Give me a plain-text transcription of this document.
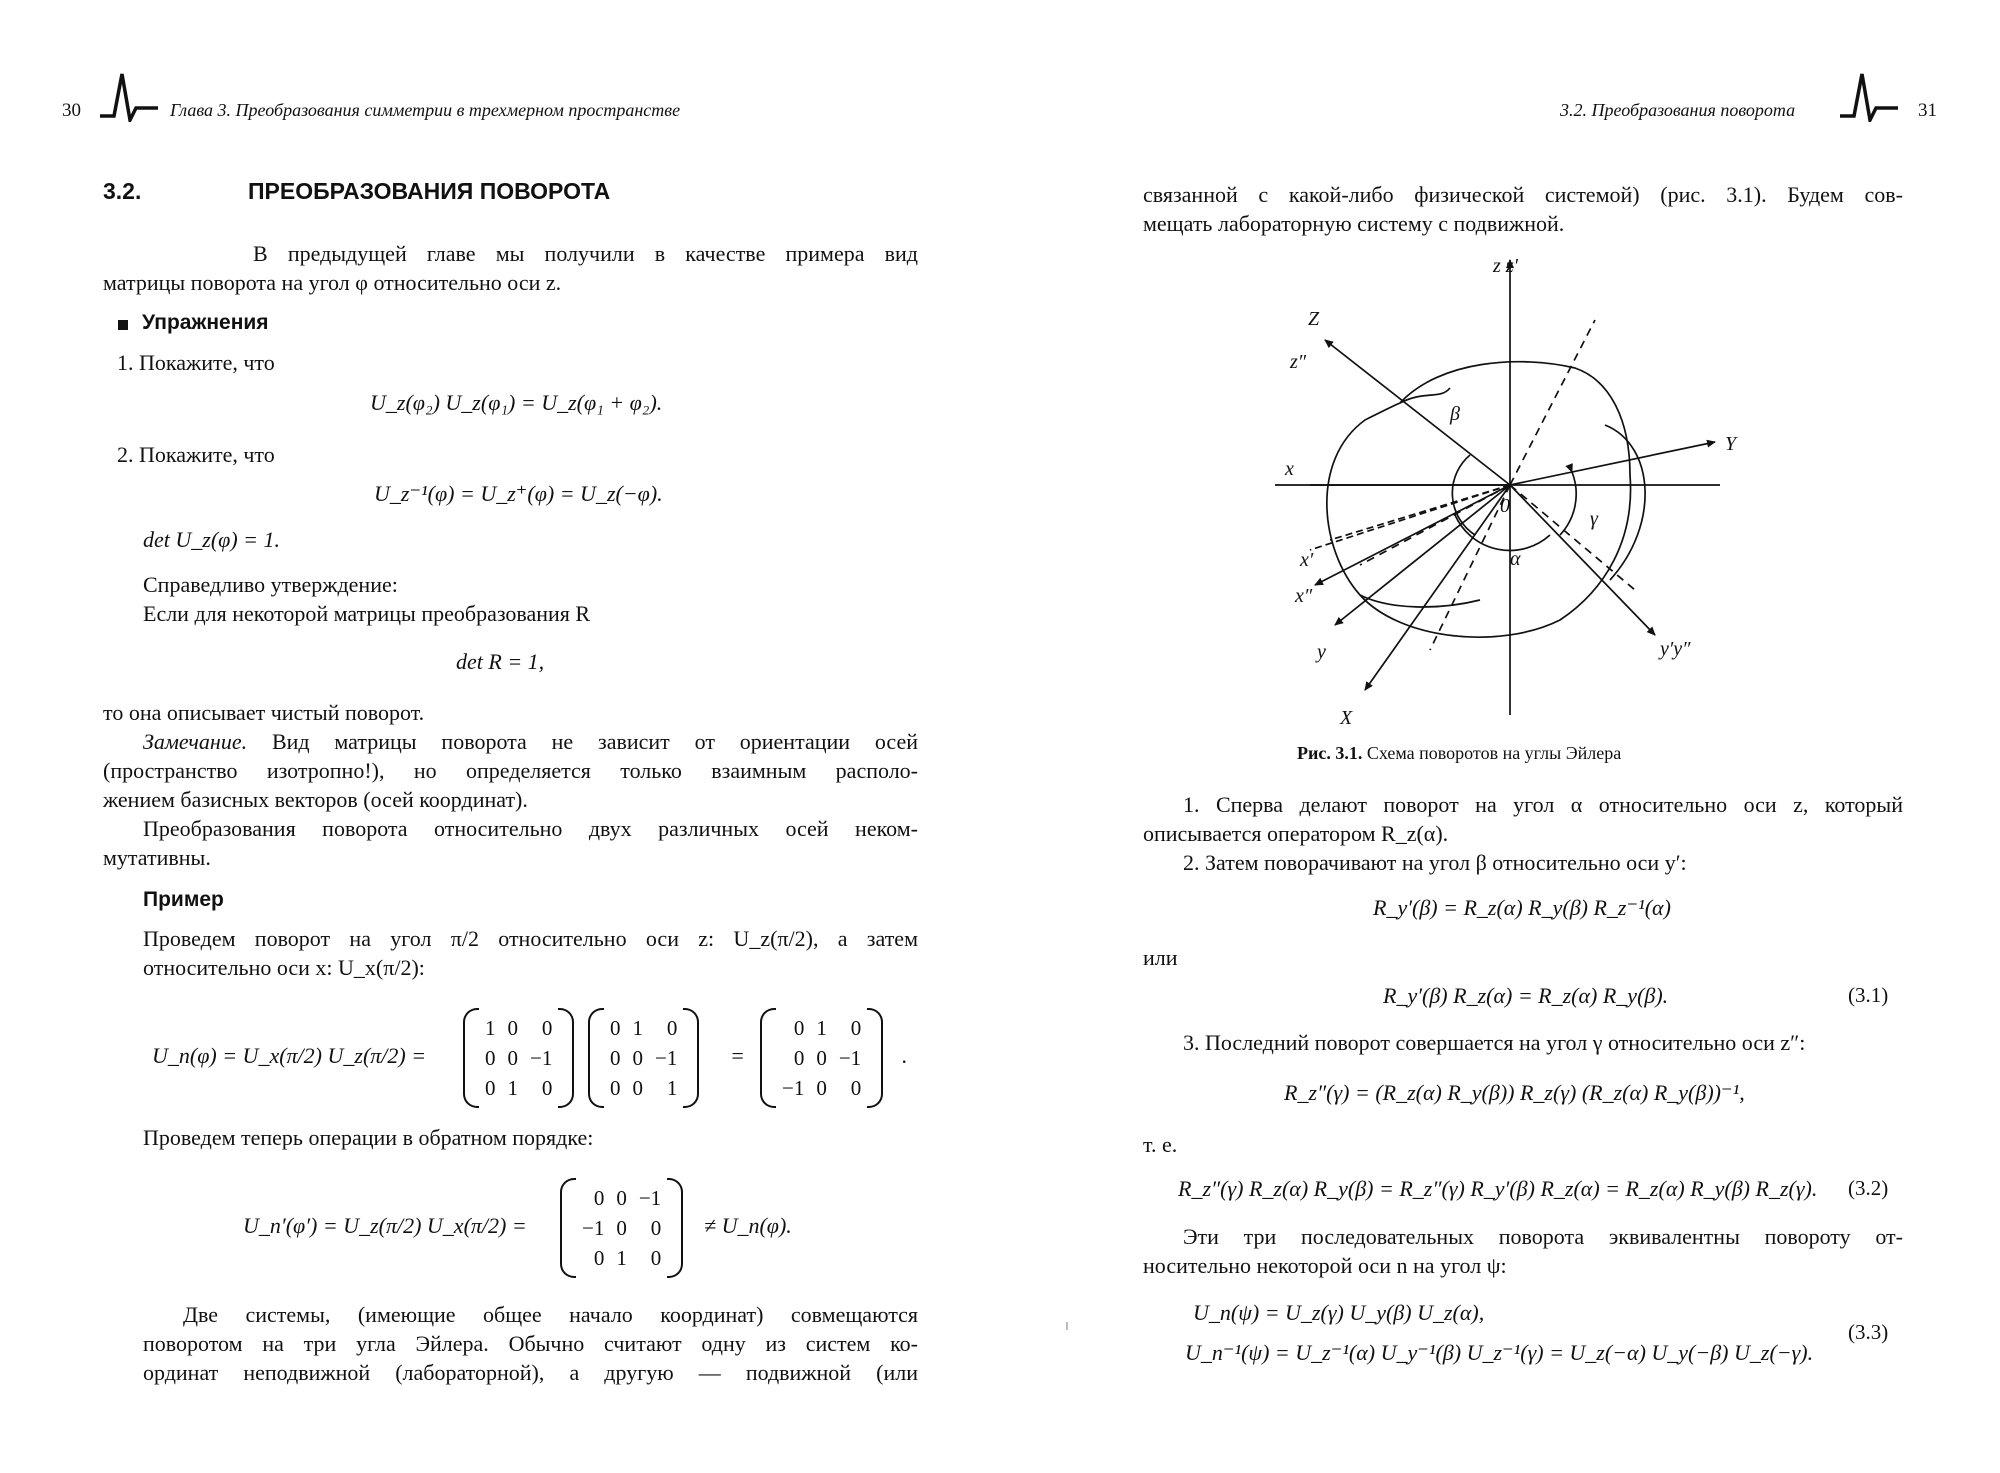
30	Глава 3. Преобразования симметрии в трехмерном пространстве
3.2.	ПРЕОБРАЗОВАНИЯ ПОВОРОТА
В предыдущей главе мы получили в качестве примера вид
матрицы поворота на угол φ относительно оси z.
Упражнения
1. Покажите, что
U_z(φ₂) U_z(φ₁) = U_z(φ₁ + φ₂).
2. Покажите, что
U_z⁻¹(φ) = U_z⁺(φ) = U_z(−φ).
det U_z(φ) = 1.
Справедливо утверждение:
Если для некоторой матрицы преобразования R
det R = 1,
то она описывает чистый поворот.
Замечание. Вид матрицы поворота не зависит от ориентации осей
(пространство изотропно!), но определяется только взаимным располо-
жением базисных векторов (осей координат).
Преобразования поворота относительно двух различных осей неком-
мутативны.
Пример
Проведем поворот на угол π/2 относительно оси z: U_z(π/2), а затем
относительно оси x: U_x(π/2):
U_n(φ) = U_x(π/2) U_z(π/2) =
1	0	0
0	0	−1
0	1	0
0	1	0
0	0	−1
0	0	1
=
0	1	0
0	0	−1
−1	0	0
.
Проведем теперь операции в обратном порядке:
U_n′(φ′) = U_z(π/2) U_x(π/2) =
0	0	−1
−1	0	0
0	1	0
≠ U_n(φ).
Две системы, (имеющие общее начало координат) совмещаются
поворотом на три угла Эйлера. Обычно считают одну из систем ко-
ординат неподвижной (лабораторной), а другую — подвижной (или
3.2. Преобразования поворота	31
связанной с какой-либо физической системой) (рис. 3.1). Будем сов-
мещать лабораторную систему с подвижной.
z z′
Z
z″
β
Y
x
0
γ
x′	α
x″
y	y′y″
X
Рис. 3.1. Схема поворотов на углы Эйлера
1. Сперва делают поворот на угол α относительно оси z, который
описывается оператором R_z(α).
2. Затем поворачивают на угол β относительно оси y′:
R_y′(β) = R_z(α) R_y(β) R_z⁻¹(α)
или
R_y′(β) R_z(α) = R_z(α) R_y(β).	(3.1)
3. Последний поворот совершается на угол γ относительно оси z″:
R_z″(γ) = (R_z(α) R_y(β)) R_z(γ) (R_z(α) R_y(β))⁻¹,
т. е.
R_z″(γ) R_z(α) R_y(β) = R_z″(γ) R_y′(β) R_z(α) = R_z(α) R_y(β) R_z(γ). (3.2)
Эти три последовательных поворота эквивалентны повороту от-
носительно некоторой оси n на угол ψ:
U_n(ψ) = U_z(γ) U_y(β) U_z(α),
U_n⁻¹(ψ) = U_z⁻¹(α) U_y⁻¹(β) U_z⁻¹(γ) = U_z(−α) U_y(−β) U_z(−γ).
(3.3)
